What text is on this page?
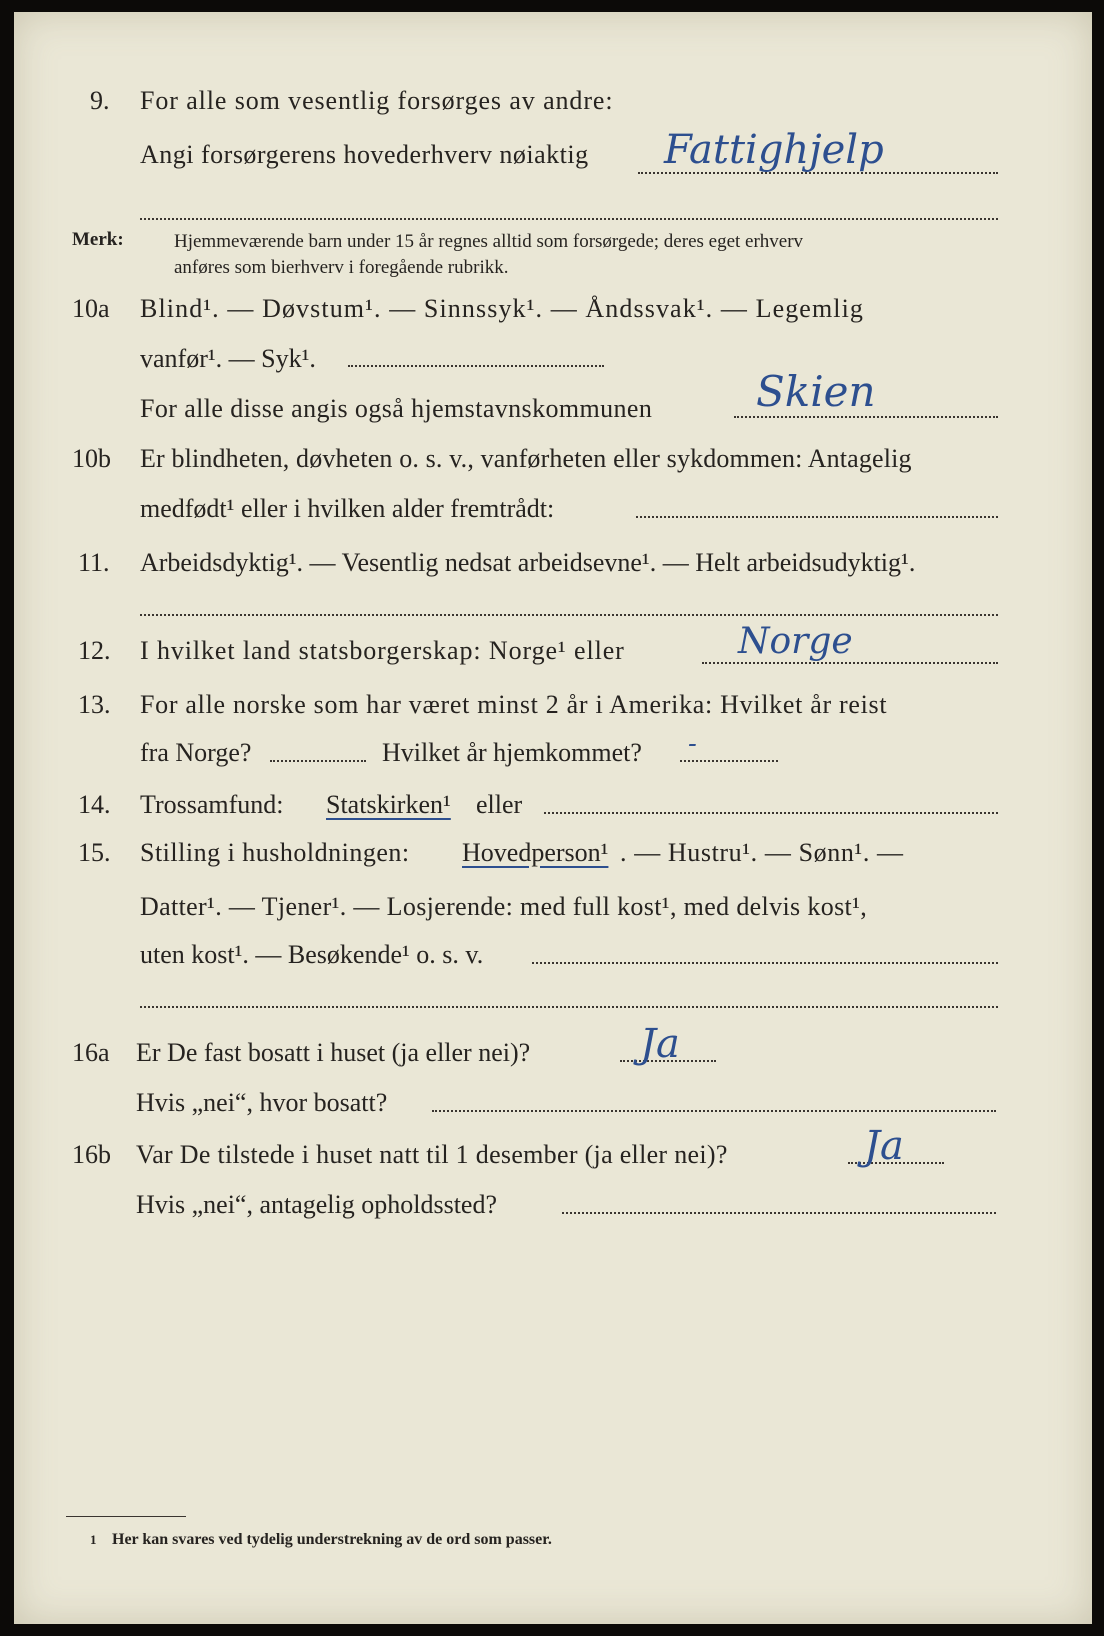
9. For alle som vesentlig forsørges av andre:
Angi forsørgerens hovederhverv nøiaktig Fattighjelp
Merk:	Hjemmeværende barn under 15 år regnes alltid som forsørgede; deres eget erhverv
anføres som bierhverv i foregående rubrikk.
10a Blind¹. — Døvstum¹. — Sinnssyk¹. — Åndssvak¹. — Legemlig
vanfør¹. — Syk¹.
For alle disse angis også hjemstavnskommunen Skien
10b Er blindheten, døvheten o. s. v., vanførheten eller sykdommen: Antagelig
medfødt¹ eller i hvilken alder fremtrådt:
11. Arbeidsdyktig¹. — Vesentlig nedsat arbeidsevne¹. — Helt arbeidsudyktig¹.
12. I hvilket land statsborgerskap: Norge¹ eller	Norge
13. For alle norske som har været minst 2 år i Amerika: Hvilket år reist
fra Norge?	Hvilket år hjemkommet? -
14. Trossamfund: Statskirken¹ eller
15. Stilling i husholdningen: Hovedperson¹ . — Hustru¹. — Sønn¹. —
Datter¹. — Tjener¹. — Losjerende: med full kost¹, med delvis kost¹,
uten kost¹. — Besøkende¹ o. s. v.
16a Er De fast bosatt i huset (ja eller nei)?	Ja
Hvis „nei“, hvor bosatt?
16b Var De tilstede i huset natt til 1 desember (ja eller nei)?	Ja
Hvis „nei“, antagelig opholdssted?
1 Her kan svares ved tydelig understrekning av de ord som passer.
